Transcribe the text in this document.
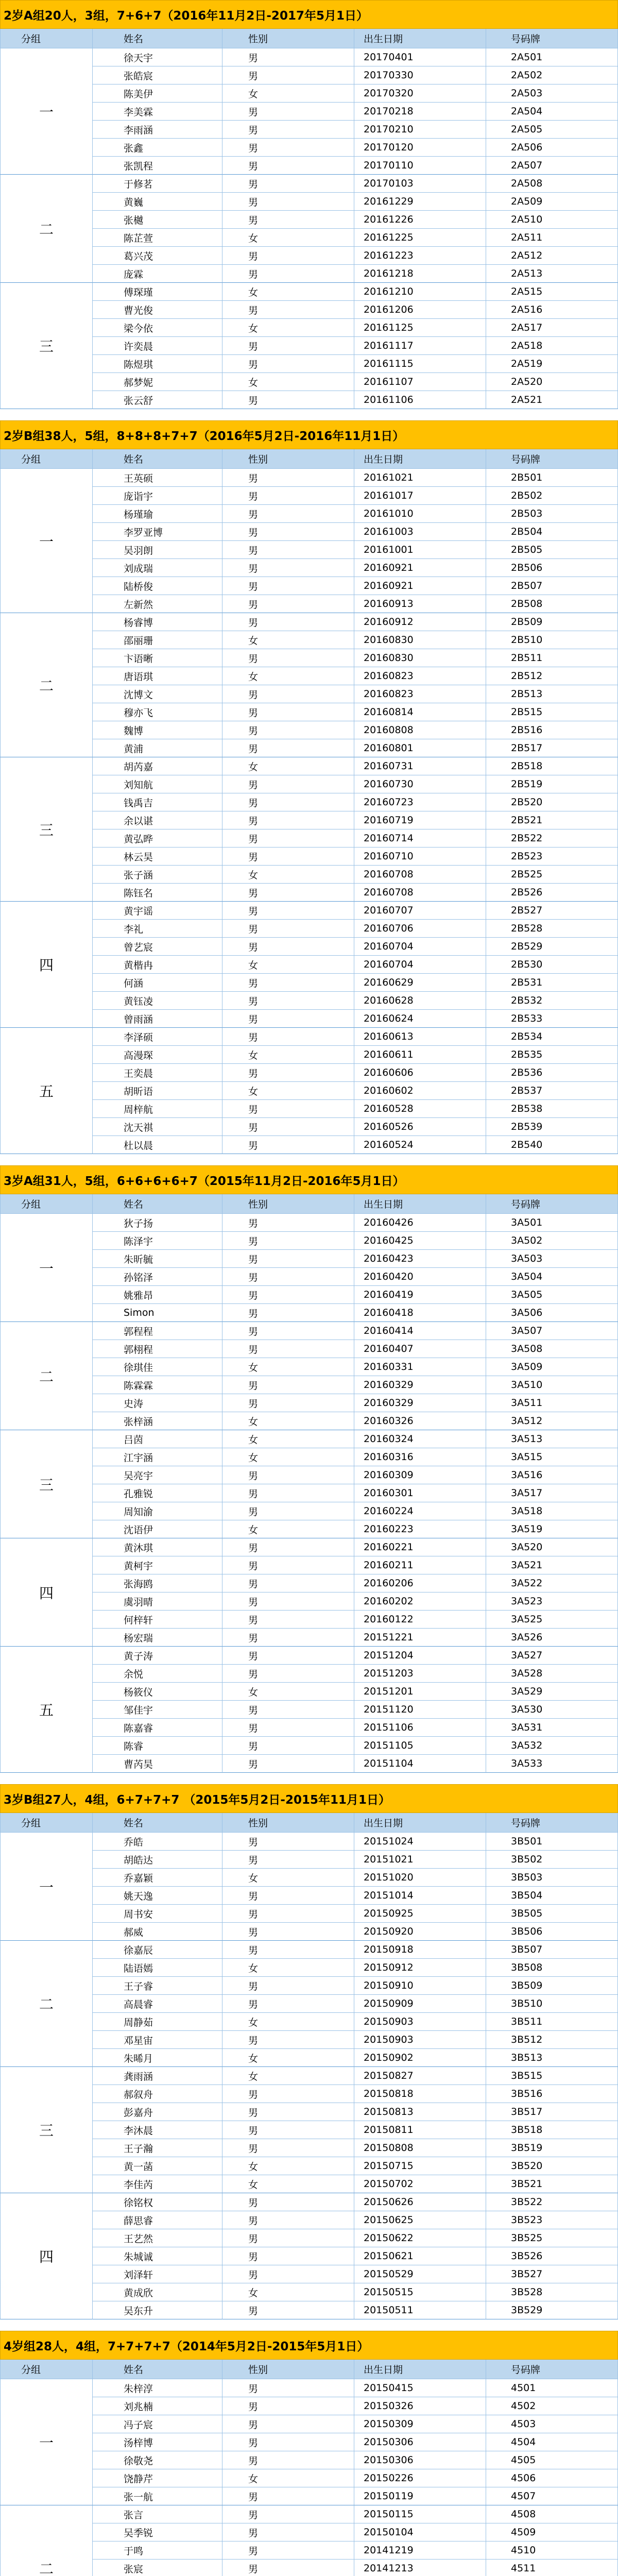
2岁A组20人，3组，7+6+7（2016年11月2日-2017年5月1日）
分组	姓名	性别	出生日期	号码牌
一
徐天宇	男	20170401	2A501
张皓宸	男	20170330	2A502
陈美伊	女	20170320	2A503
李美霖	男	20170218	2A504
李雨涵	男	20170210	2A505
张鑫	男	20170120	2A506
张凯程	男	20170110	2A507
二
于修茗	男	20170103	2A508
黄巍	男	20161229	2A509
张樾	男	20161226	2A510
陈芷萱	女	20161225	2A511
葛兴茂	男	20161223	2A512
庞霖	男	20161218	2A513
三
傅琛瑾	女	20161210	2A515
曹光俊	男	20161206	2A516
梁今依	女	20161125	2A517
许奕晨	男	20161117	2A518
陈煜琪	男	20161115	2A519
郝梦妮	女	20161107	2A520
张云舒	男	20161106	2A521
2岁B组38人，5组，8+8+8+7+7（2016年5月2日-2016年11月1日）
分组	姓名	性别	出生日期	号码牌
一
王英硕	男	20161021	2B501
庞诣宇	男	20161017	2B502
杨瑾瑜	男	20161010	2B503
李罗亚博	男	20161003	2B504
吴羽朗	男	20161001	2B505
刘成瑞	男	20160921	2B506
陆桥俊	男	20160921	2B507
左新然	男	20160913	2B508
二
杨睿博	男	20160912	2B509
邵丽珊	女	20160830	2B510
卞语晰	男	20160830	2B511
唐语琪	女	20160823	2B512
沈博文	男	20160823	2B513
穆亦飞	男	20160814	2B515
魏博	男	20160808	2B516
黄浦	男	20160801	2B517
三
胡芮嘉	女	20160731	2B518
刘知航	男	20160730	2B519
钱禹吉	男	20160723	2B520
余以谌	男	20160719	2B521
黄弘晔	男	20160714	2B522
林云昊	男	20160710	2B523
张子涵	女	20160708	2B525
陈钰名	男	20160708	2B526
四
黄宇谣	男	20160707	2B527
李礼	男	20160706	2B528
曾艺宸	男	20160704	2B529
黄楷冉	女	20160704	2B530
何涵	男	20160629	2B531
黄钰凌	男	20160628	2B532
曾雨涵	男	20160624	2B533
五
李泽硕	男	20160613	2B534
高漫琛	女	20160611	2B535
王奕晨	男	20160606	2B536
胡昕语	女	20160602	2B537
周梓航	男	20160528	2B538
沈天祺	男	20160526	2B539
杜以晨	男	20160524	2B540
3岁A组31人，5组，6+6+6+6+7（2015年11月2日-2016年5月1日）
分组	姓名	性别	出生日期	号码牌
一
狄子扬	男	20160426	3A501
陈泽宇	男	20160425	3A502
朱昕毓	男	20160423	3A503
孙铭泽	男	20160420	3A504
姚雅昂	男	20160419	3A505
Simon	男	20160418	3A506
二
郭程程	男	20160414	3A507
郭栩程	男	20160407	3A508
徐琪佳	女	20160331	3A509
陈霖霖	男	20160329	3A510
史涛	男	20160329	3A511
张梓涵	女	20160326	3A512
三
吕茵	女	20160324	3A513
江宇涵	女	20160316	3A515
吴亮宇	男	20160309	3A516
孔雅锐	男	20160301	3A517
周知渝	男	20160224	3A518
沈语伊	女	20160223	3A519
四
黄沐琪	男	20160221	3A520
黄柯宇	男	20160211	3A521
张海鸥	男	20160206	3A522
虞羽晴	男	20160202	3A523
何梓轩	男	20160122	3A525
杨宏瑞	男	20151221	3A526
五
黄子涛	男	20151204	3A527
余悦	男	20151203	3A528
杨筱仪	女	20151201	3A529
邹佳宇	男	20151120	3A530
陈嘉睿	男	20151106	3A531
陈睿	男	20151105	3A532
曹芮昊	男	20151104	3A533
3岁B组27人，4组，6+7+7+7 （2015年5月2日-2015年11月1日）
分组	姓名	性别	出生日期	号码牌
一
乔皓	男	20151024	3B501
胡皓达	男	20151021	3B502
乔嘉颖	女	20151020	3B503
姚天逸	男	20151014	3B504
周书安	男	20150925	3B505
郝威	男	20150920	3B506
二
徐嘉辰	男	20150918	3B507
陆语嫣	女	20150912	3B508
王子睿	男	20150910	3B509
高晨睿	男	20150909	3B510
周静茹	女	20150903	3B511
邓星宙	男	20150903	3B512
朱晞月	女	20150902	3B513
三
龚雨涵	女	20150827	3B515
郝叙舟	男	20150818	3B516
彭嘉舟	男	20150813	3B517
李沐晨	男	20150811	3B518
王子瀚	男	20150808	3B519
黄一菡	女	20150715	3B520
李佳芮	女	20150702	3B521
四
徐铭权	男	20150626	3B522
薛思睿	男	20150625	3B523
王艺然	男	20150622	3B525
朱城诚	男	20150621	3B526
刘泽轩	男	20150529	3B527
黄成欣	女	20150515	3B528
吴东升	男	20150511	3B529
4岁组28人，4组，7+7+7+7（2014年5月2日-2015年5月1日）
分组	姓名	性别	出生日期	号码牌
一
朱梓淳	男	20150415	4501
刘兆楠	男	20150326	4502
冯子宸	男	20150309	4503
汤梓博	男	20150306	4504
徐敬尧	男	20150306	4505
饶静芹	女	20150226	4506
张一航	男	20150119	4507
二
张言	男	20150115	4508
吴季锐	男	20150104	4509
于鸣	男	20141219	4510
张宸	男	20141213	4511
